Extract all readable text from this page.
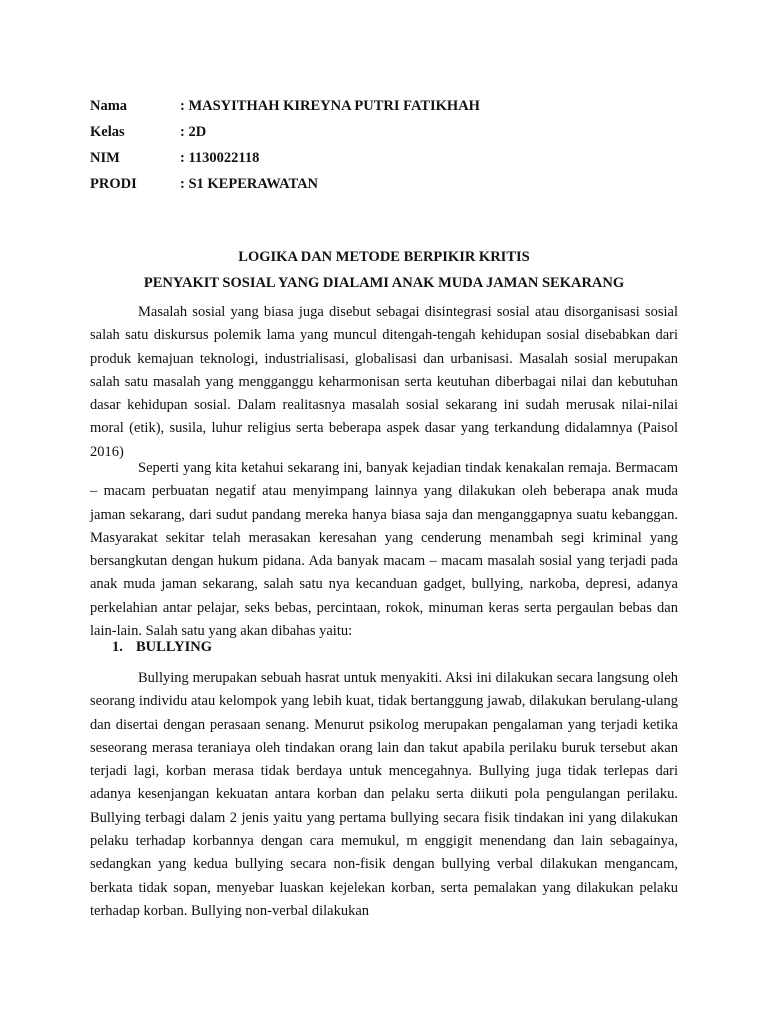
Nama	: MASYITHAH KIREYNA PUTRI FATIKHAH
Kelas	: 2D
NIM	: 1130022118
PRODI	: S1 KEPERAWATAN
LOGIKA DAN METODE BERPIKIR KRITIS
PENYAKIT SOSIAL YANG DIALAMI ANAK MUDA JAMAN SEKARANG

Masalah sosial yang biasa juga disebut sebagai disintegrasi sosial atau disorganisasi sosial salah satu diskursus polemik lama yang muncul ditengah-tengah kehidupan sosial disebabkan dari produk kemajuan teknologi, industrialisasi, globalisasi dan urbanisasi. Masalah sosial merupakan salah satu masalah yang mengganggu keharmonisan serta keutuhan diberbagai nilai dan kebutuhan dasar kehidupan sosial. Dalam realitasnya masalah sosial sekarang ini sudah merusak nilai-nilai moral (etik), susila, luhur religius serta beberapa aspek dasar yang terkandung didalamnya (Paisol 2016)

Seperti yang kita ketahui sekarang ini, banyak kejadian tindak kenakalan remaja. Bermacam – macam perbuatan negatif atau menyimpang lainnya yang dilakukan oleh beberapa anak muda jaman sekarang, dari sudut pandang mereka hanya biasa saja dan menganggapnya suatu kebanggan. Masyarakat sekitar telah merasakan keresahan yang cenderung menambah segi kriminal yang bersangkutan dengan hukum pidana. Ada banyak macam – macam masalah sosial yang terjadi pada anak muda jaman sekarang, salah satu nya kecanduan gadget, bullying, narkoba, depresi, adanya perkelahian antar pelajar, seks bebas, percintaan, rokok, minuman keras serta pergaulan bebas dan lain-lain. Salah satu yang akan dibahas yaitu:

1. BULLYING

Bullying merupakan sebuah hasrat untuk menyakiti. Aksi ini dilakukan secara langsung oleh seorang individu atau kelompok yang lebih kuat, tidak bertanggung jawab, dilakukan berulang-ulang dan disertai dengan perasaan senang. Menurut psikolog merupakan pengalaman yang terjadi ketika seseorang merasa teraniaya oleh tindakan orang lain dan takut apabila perilaku buruk tersebut akan terjadi lagi, korban merasa tidak berdaya untuk mencegahnya. Bullying juga tidak terlepas dari adanya kesenjangan kekuatan antara korban dan pelaku serta diikuti pola pengulangan perilaku. Bullying terbagi dalam 2 jenis yaitu yang pertama bullying secara fisik tindakan ini yang dilakukan pelaku terhadap korbannya dengan cara memukul, m enggigit menendang dan lain sebagainya, sedangkan yang kedua bullying secara non-fisik dengan bullying verbal dilakukan mengancam, berkata tidak sopan, menyebar luaskan kejelekan korban, serta pemalakan yang dilakukan pelaku terhadap korban. Bullying non-verbal dilakukan
